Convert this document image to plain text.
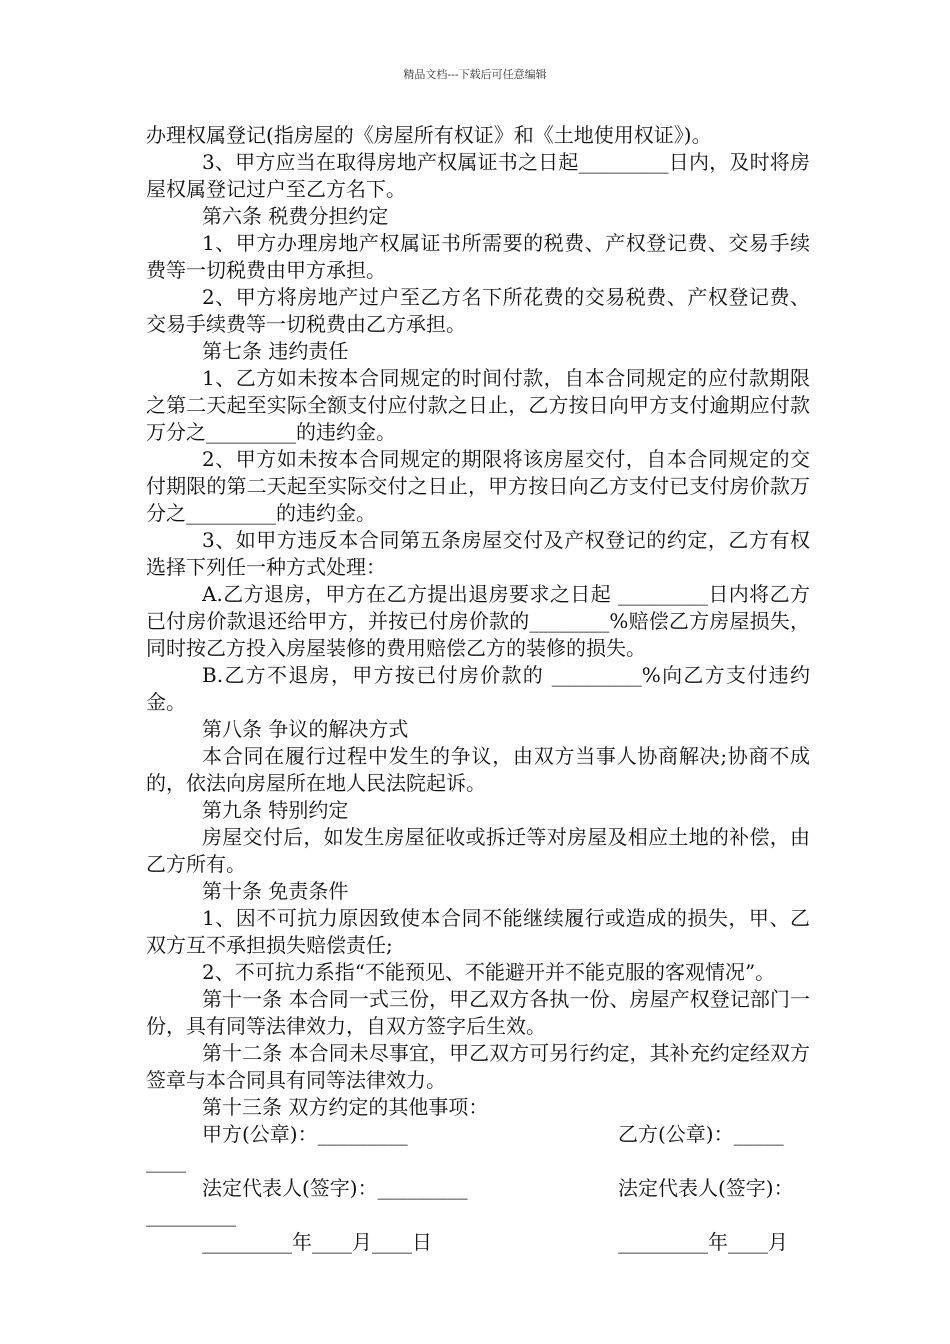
精品文档---下载后可任意编辑
办理权属登记(指房屋的《房屋所有权证》和《土地使用权证》)。
3、甲方应当在取得房地产权属证书之日起_________日内，及时将房屋权属登记过户至乙方名下。
第六条 税费分担约定
1、甲方办理房地产权属证书所需要的税费、产权登记费、交易手续费等一切税费由甲方承担。
2、甲方将房地产过户至乙方名下所花费的交易税费、产权登记费、交易手续费等一切税费由乙方承担。
第七条 违约责任
1、乙方如未按本合同规定的时间付款，自本合同规定的应付款期限之第二天起至实际全额支付应付款之日止，乙方按日向甲方支付逾期应付款万分之_________的违约金。
2、甲方如未按本合同规定的期限将该房屋交付，自本合同规定的交付期限的第二天起至实际交付之日止，甲方按日向乙方支付已支付房价款万分之_________的违约金。
3、如甲方违反本合同第五条房屋交付及产权登记的约定，乙方有权选择下列任一种方式处理：
A.乙方退房，甲方在乙方提出退房要求之日起 _________日内将乙方已付房价款退还给甲方，并按已付房价款的________%赔偿乙方房屋损失，同时按乙方投入房屋装修的费用赔偿乙方的装修的损失。
B.乙方不退房，甲方按已付房价款的 _________%向乙方支付违约金。
第八条 争议的解决方式
本合同在履行过程中发生的争议，由双方当事人协商解决;协商不成的，依法向房屋所在地人民法院起诉。
第九条 特别约定
房屋交付后，如发生房屋征收或拆迁等对房屋及相应土地的补偿，由乙方所有。
第十条 免责条件
1、因不可抗力原因致使本合同不能继续履行或造成的损失，甲、乙双方互不承担损失赔偿责任;
2、不可抗力系指“不能预见、不能避开并不能克服的客观情况”。
第十一条 本合同一式三份，甲乙双方各执一份、房屋产权登记部门一份，具有同等法律效力，自双方签字后生效。
第十二条 本合同未尽事宜，甲乙双方可另行约定，其补充约定经双方签章与本合同具有同等法律效力。
第十三条 双方约定的其他事项：
甲方(公章)：_________	乙方(公章)：_____
____
法定代表人(签字)：_________	法定代表人(签字)：
_________
_________年____月____日	_________年____月
